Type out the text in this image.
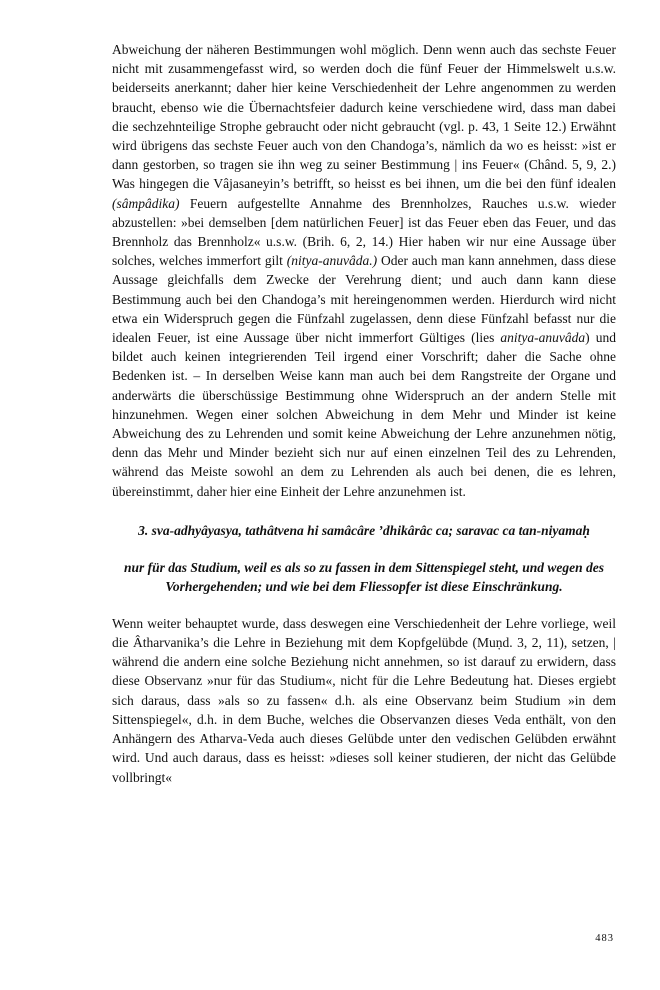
Abweichung der näheren Bestimmungen wohl möglich. Denn wenn auch das sechste Feuer nicht mit zusammengefasst wird, so werden doch die fünf Feuer der Himmelswelt u.s.w. beiderseits anerkannt; daher hier keine Verschiedenheit der Lehre angenommen zu werden braucht, ebenso wie die Übernachtsfeier dadurch keine verschiedene wird, dass man dabei die sechzehnteilige Strophe gebraucht oder nicht gebraucht (vgl. p. 43, 1 Seite 12.) Erwähnt wird übrigens das sechste Feuer auch von den Chandoga’s, nämlich da wo es heisst: »ist er dann gestorben, so tragen sie ihn weg zu seiner Bestimmung | ins Feuer« (Chând. 5, 9, 2.) Was hingegen die Vâjasaneyin’s betrifft, so heisst es bei ihnen, um die bei den fünf idealen (sâmpâdika) Feuern aufgestellte Annahme des Brennholzes, Rauches u.s.w. wieder abzustellen: »bei demselben [dem natürlichen Feuer] ist das Feuer eben das Feuer, und das Brennholz das Brennholz« u.s.w. (Brih. 6, 2, 14.) Hier haben wir nur eine Aussage über solches, welches immerfort gilt (nitya-anuvâda.) Oder auch man kann annehmen, dass diese Aussage gleichfalls dem Zwecke der Verehrung dient; und auch dann kann diese Bestimmung auch bei den Chandoga’s mit hereingenommen werden. Hierdurch wird nicht etwa ein Widerspruch gegen die Fünfzahl zugelassen, denn diese Fünfzahl befasst nur die idealen Feuer, ist eine Aussage über nicht immerfort Gültiges (lies anitya-anuvâda) und bildet auch keinen integrierenden Teil irgend einer Vorschrift; daher die Sache ohne Bedenken ist. – In derselben Weise kann man auch bei dem Rangstreite der Organe und anderwärts die überschüssige Bestimmung ohne Widerspruch an der andern Stelle mit hinzunehmen. Wegen einer solchen Abweichung in dem Mehr und Minder ist keine Abweichung des zu Lehrenden und somit keine Abweichung der Lehre anzunehmen nötig, denn das Mehr und Minder bezieht sich nur auf einen einzelnen Teil des zu Lehrenden, während das Meiste sowohl an dem zu Lehrenden als auch bei denen, die es lehren, übereinstimmt, daher hier eine Einheit der Lehre anzunehmen ist.

3. sva-adhyâyasya, tathâtvena hi samâcâre ’dhikârâc ca; saravac ca tan-niyamaḥ

nur für das Studium, weil es als so zu fassen in dem Sittenspiegel steht, und wegen des Vorhergehenden; und wie bei dem Fliessopfer ist diese Einschränkung.

Wenn weiter behauptet wurde, dass deswegen eine Verschiedenheit der Lehre vorliege, weil die Âtharvanika’s die Lehre in Beziehung mit dem Kopfgelübde (Muṇd. 3, 2, 11), setzen, | während die andern eine solche Beziehung nicht annehmen, so ist darauf zu erwidern, dass diese Observanz »nur für das Studium«, nicht für die Lehre Bedeutung hat. Dieses ergiebt sich daraus, dass »als so zu fassen« d.h. als eine Observanz beim Studium »in dem Sittenspiegel«, d.h. in dem Buche, welches die Observanzen dieses Veda enthält, von den Anhängern des Atharva-Veda auch dieses Gelübde unter den vedischen Gelübden erwähnt wird. Und auch daraus, dass es heisst: »dieses soll keiner studieren, der nicht das Gelübde vollbringt«

483
